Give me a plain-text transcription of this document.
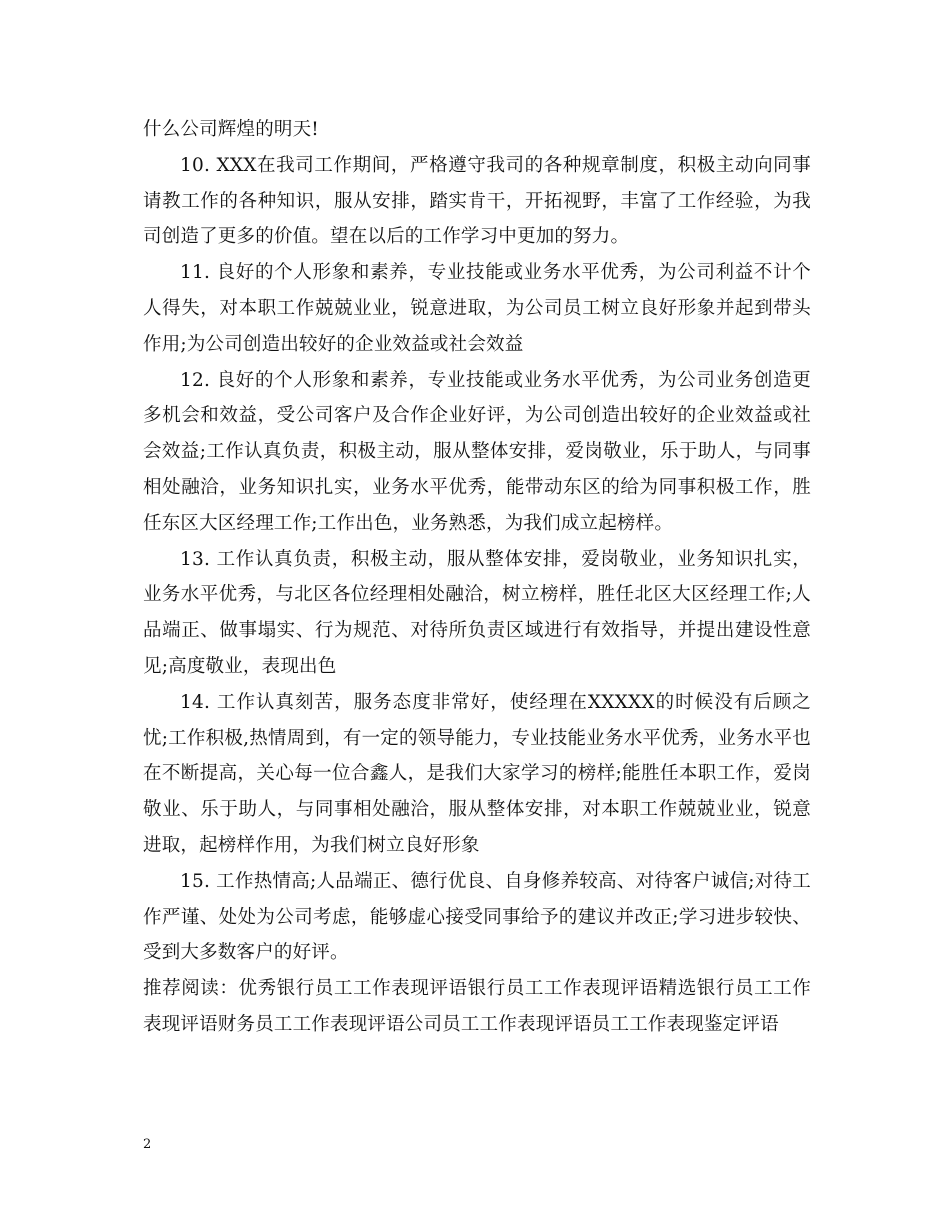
什么公司辉煌的明天!

10. XXX在我司工作期间，严格遵守我司的各种规章制度，积极主动向同事请教工作的各种知识，服从安排，踏实肯干，开拓视野，丰富了工作经验，为我司创造了更多的价值。望在以后的工作学习中更加的努力。

11. 良好的个人形象和素养，专业技能或业务水平优秀，为公司利益不计个人得失，对本职工作兢兢业业，锐意进取，为公司员工树立良好形象并起到带头作用;为公司创造出较好的企业效益或社会效益

12. 良好的个人形象和素养，专业技能或业务水平优秀，为公司业务创造更多机会和效益，受公司客户及合作企业好评，为公司创造出较好的企业效益或社会效益;工作认真负责，积极主动，服从整体安排，爱岗敬业，乐于助人，与同事相处融洽，业务知识扎实，业务水平优秀，能带动东区的给为同事积极工作，胜任东区大区经理工作;工作出色，业务熟悉，为我们成立起榜样。

13. 工作认真负责，积极主动，服从整体安排，爱岗敬业，业务知识扎实，业务水平优秀，与北区各位经理相处融洽，树立榜样，胜任北区大区经理工作;人品端正、做事塌实、行为规范、对待所负责区域进行有效指导，并提出建设性意见;高度敬业，表现出色

14. 工作认真刻苦，服务态度非常好，使经理在XXXXX的时候没有后顾之忧;工作积极,热情周到，有一定的领导能力，专业技能业务水平优秀，业务水平也在不断提高，关心每一位合鑫人，是我们大家学习的榜样;能胜任本职工作，爱岗敬业、乐于助人，与同事相处融洽，服从整体安排，对本职工作兢兢业业，锐意进取，起榜样作用，为我们树立良好形象

15. 工作热情高;人品端正、德行优良、自身修养较高、对待客户诚信;对待工作严谨、处处为公司考虑，能够虚心接受同事给予的建议并改正;学习进步较快、受到大多数客户的好评。

推荐阅读：优秀银行员工工作表现评语银行员工工作表现评语精选银行员工工作表现评语财务员工工作表现评语公司员工工作表现评语员工工作表现鉴定评语

2
